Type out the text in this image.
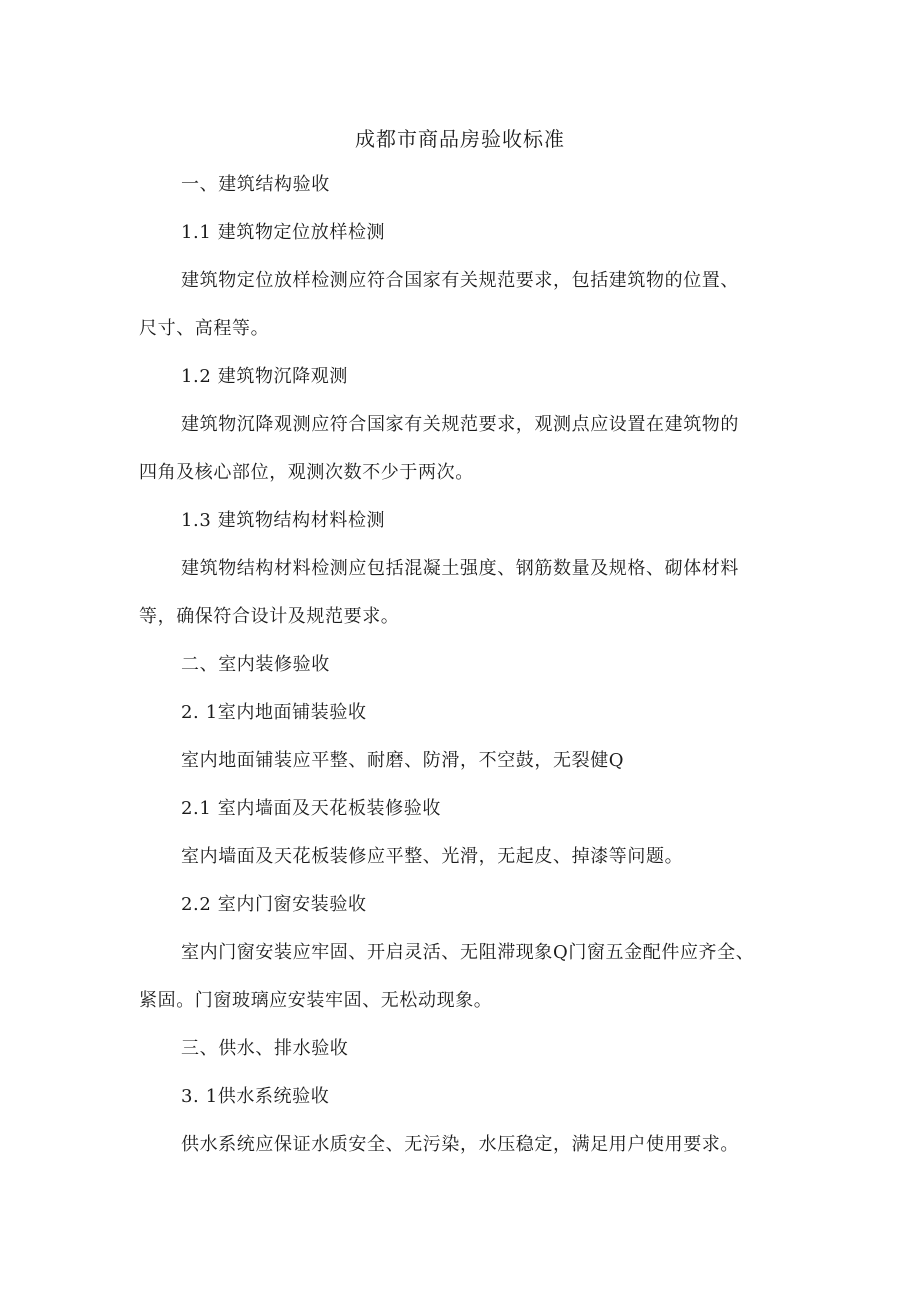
成都市商品房验收标准

一、建筑结构验收

1.1 建筑物定位放样检测

建筑物定位放样检测应符合国家有关规范要求，包括建筑物的位置、

尺寸、高程等。

1.2 建筑物沉降观测

建筑物沉降观测应符合国家有关规范要求，观测点应设置在建筑物的

四角及核心部位，观测次数不少于两次。

1.3 建筑物结构材料检测

建筑物结构材料检测应包括混凝土强度、钢筋数量及规格、砌体材料

等，确保符合设计及规范要求。

二、室内装修验收

2. 1室内地面铺装验收

室内地面铺装应平整、耐磨、防滑，不空鼓，无裂健Q

2.1 室内墙面及天花板装修验收

室内墙面及天花板装修应平整、光滑，无起皮、掉漆等问题。

2.2 室内门窗安装验收

室内门窗安装应牢固、开启灵活、无阻滞现象Q门窗五金配件应齐全、

紧固。门窗玻璃应安装牢固、无松动现象。

三、供水、排水验收

3. 1供水系统验收

供水系统应保证水质安全、无污染，水压稳定，满足用户使用要求。
